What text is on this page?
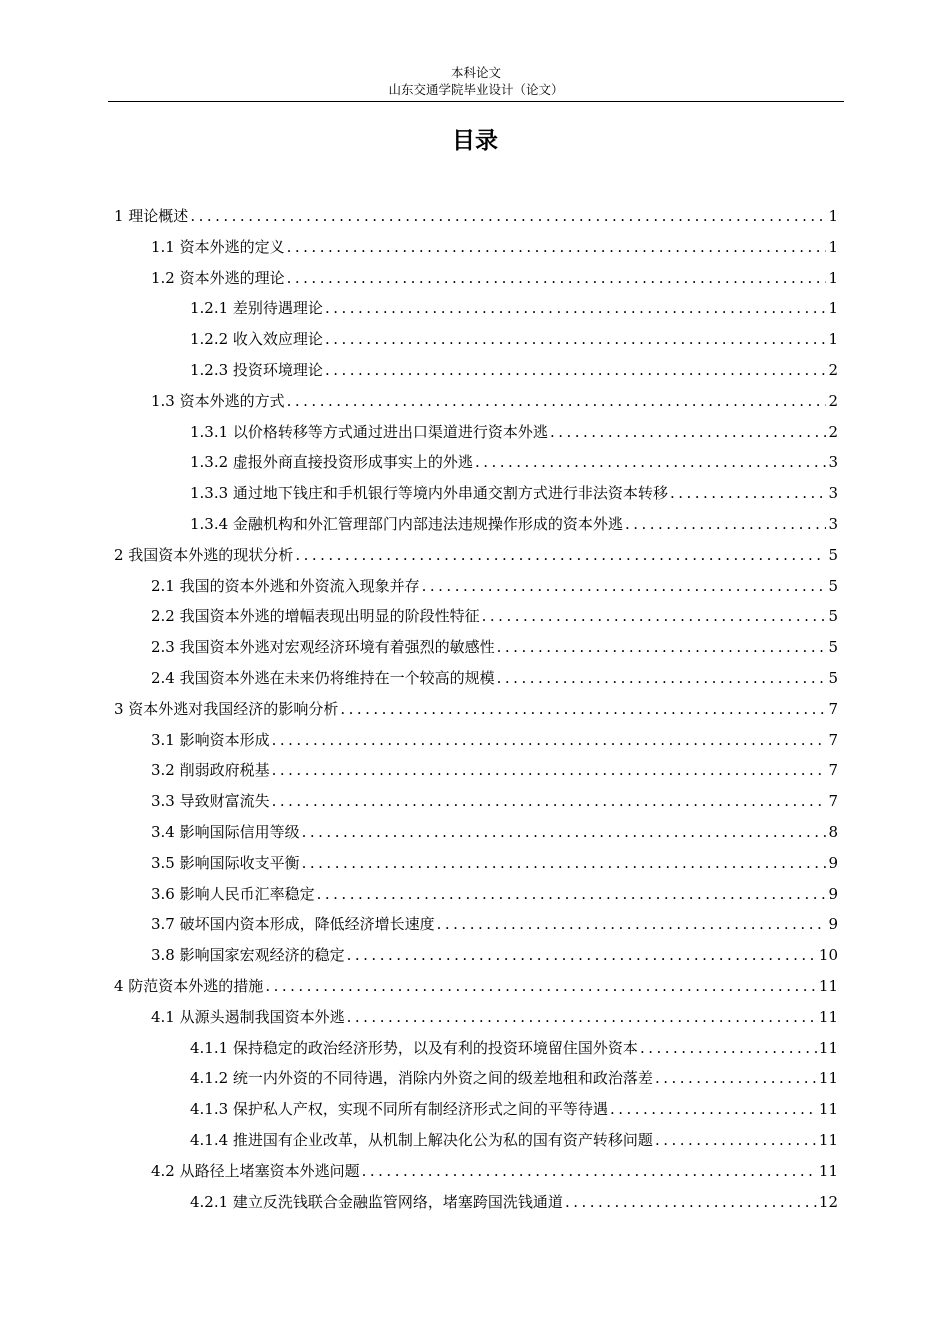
本科论文
山东交通学院毕业设计（论文）
目录
1 理论概述 .....	1
1.1 资本外逃的定义 .....	1
1.2 资本外逃的理论 .....	1
1.2.1 差别待遇理论 .....	1
1.2.2 收入效应理论 .....	1
1.2.3 投资环境理论 .....	2
1.3 资本外逃的方式 .....	2
1.3.1 以价格转移等方式通过进出口渠道进行资本外逃 .....	2
1.3.2 虚报外商直接投资形成事实上的外逃 .....	3
1.3.3 通过地下钱庄和手机银行等境内外串通交割方式进行非法资本转移 .....	3
1.3.4 金融机构和外汇管理部门内部违法违规操作形成的资本外逃 .....	3
2 我国资本外逃的现状分析 .....	5
2.1 我国的资本外逃和外资流入现象并存 .....	5
2.2 我国资本外逃的增幅表现出明显的阶段性特征 .....	5
2.3 我国资本外逃对宏观经济环境有着强烈的敏感性 .....	5
2.4 我国资本外逃在未来仍将维持在一个较高的规模 .....	5
3 资本外逃对我国经济的影响分析 .....	7
3.1 影响资本形成 .....	7
3.2 削弱政府税基 .....	7
3.3 导致财富流失 .....	7
3.4 影响国际信用等级 .....	8
3.5 影响国际收支平衡 .....	9
3.6 影响人民币汇率稳定 .....	9
3.7 破坏国内资本形成，降低经济增长速度 .....	9
3.8 影响国家宏观经济的稳定 .....	10
4 防范资本外逃的措施 .....	11
4.1 从源头遏制我国资本外逃 .....	11
4.1.1 保持稳定的政治经济形势，以及有利的投资环境留住国外资本 .....	11
4.1.2 统一内外资的不同待遇，消除内外资之间的级差地租和政治落差 .....	11
4.1.3 保护私人产权，实现不同所有制经济形式之间的平等待遇 .....	11
4.1.4 推进国有企业改革，从机制上解决化公为私的国有资产转移问题 .....	11
4.2 从路径上堵塞资本外逃问题 .....	11
4.2.1 建立反洗钱联合金融监管网络，堵塞跨国洗钱通道 .....	12
